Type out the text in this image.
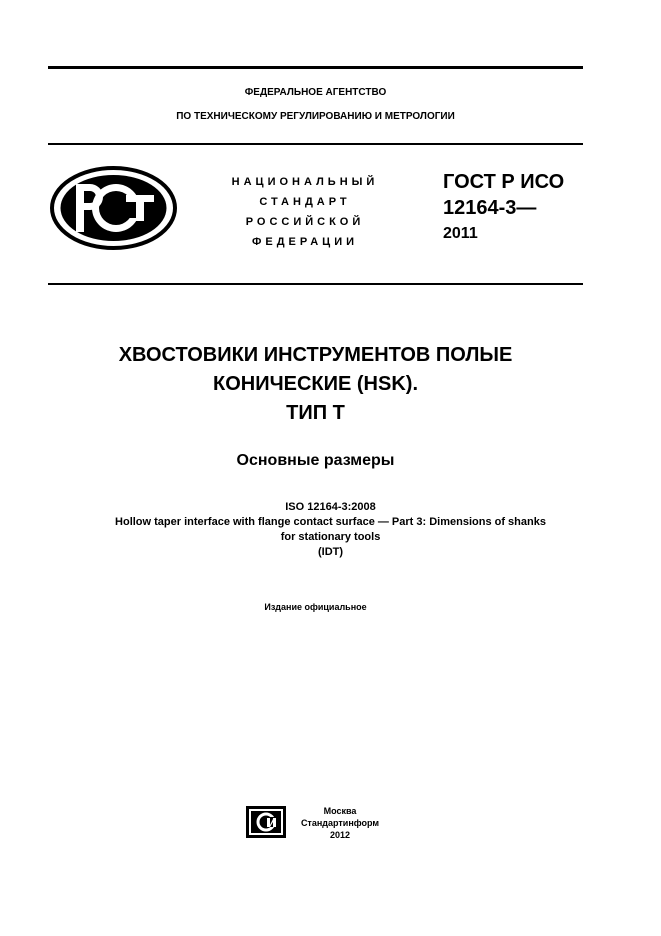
ФЕДЕРАЛЬНОЕ АГЕНТСТВО
ПО ТЕХНИЧЕСКОМУ РЕГУЛИРОВАНИЮ И МЕТРОЛОГИИ
НАЦИОНАЛЬНЫЙ
СТАНДАРТ
РОССИЙСКОЙ
ФЕДЕРАЦИИ
ГОСТ Р ИСО
12164-3—
2011
ХВОСТОВИКИ ИНСТРУМЕНТОВ ПОЛЫЕ
КОНИЧЕСКИЕ (HSK).
ТИП Т
Основные размеры
ISO 12164-3:2008
Hollow taper interface with flange contact surface — Part 3: Dimensions of shanks
for stationary tools
(IDT)
Издание официальное
Москва
Стандартинформ
2012
